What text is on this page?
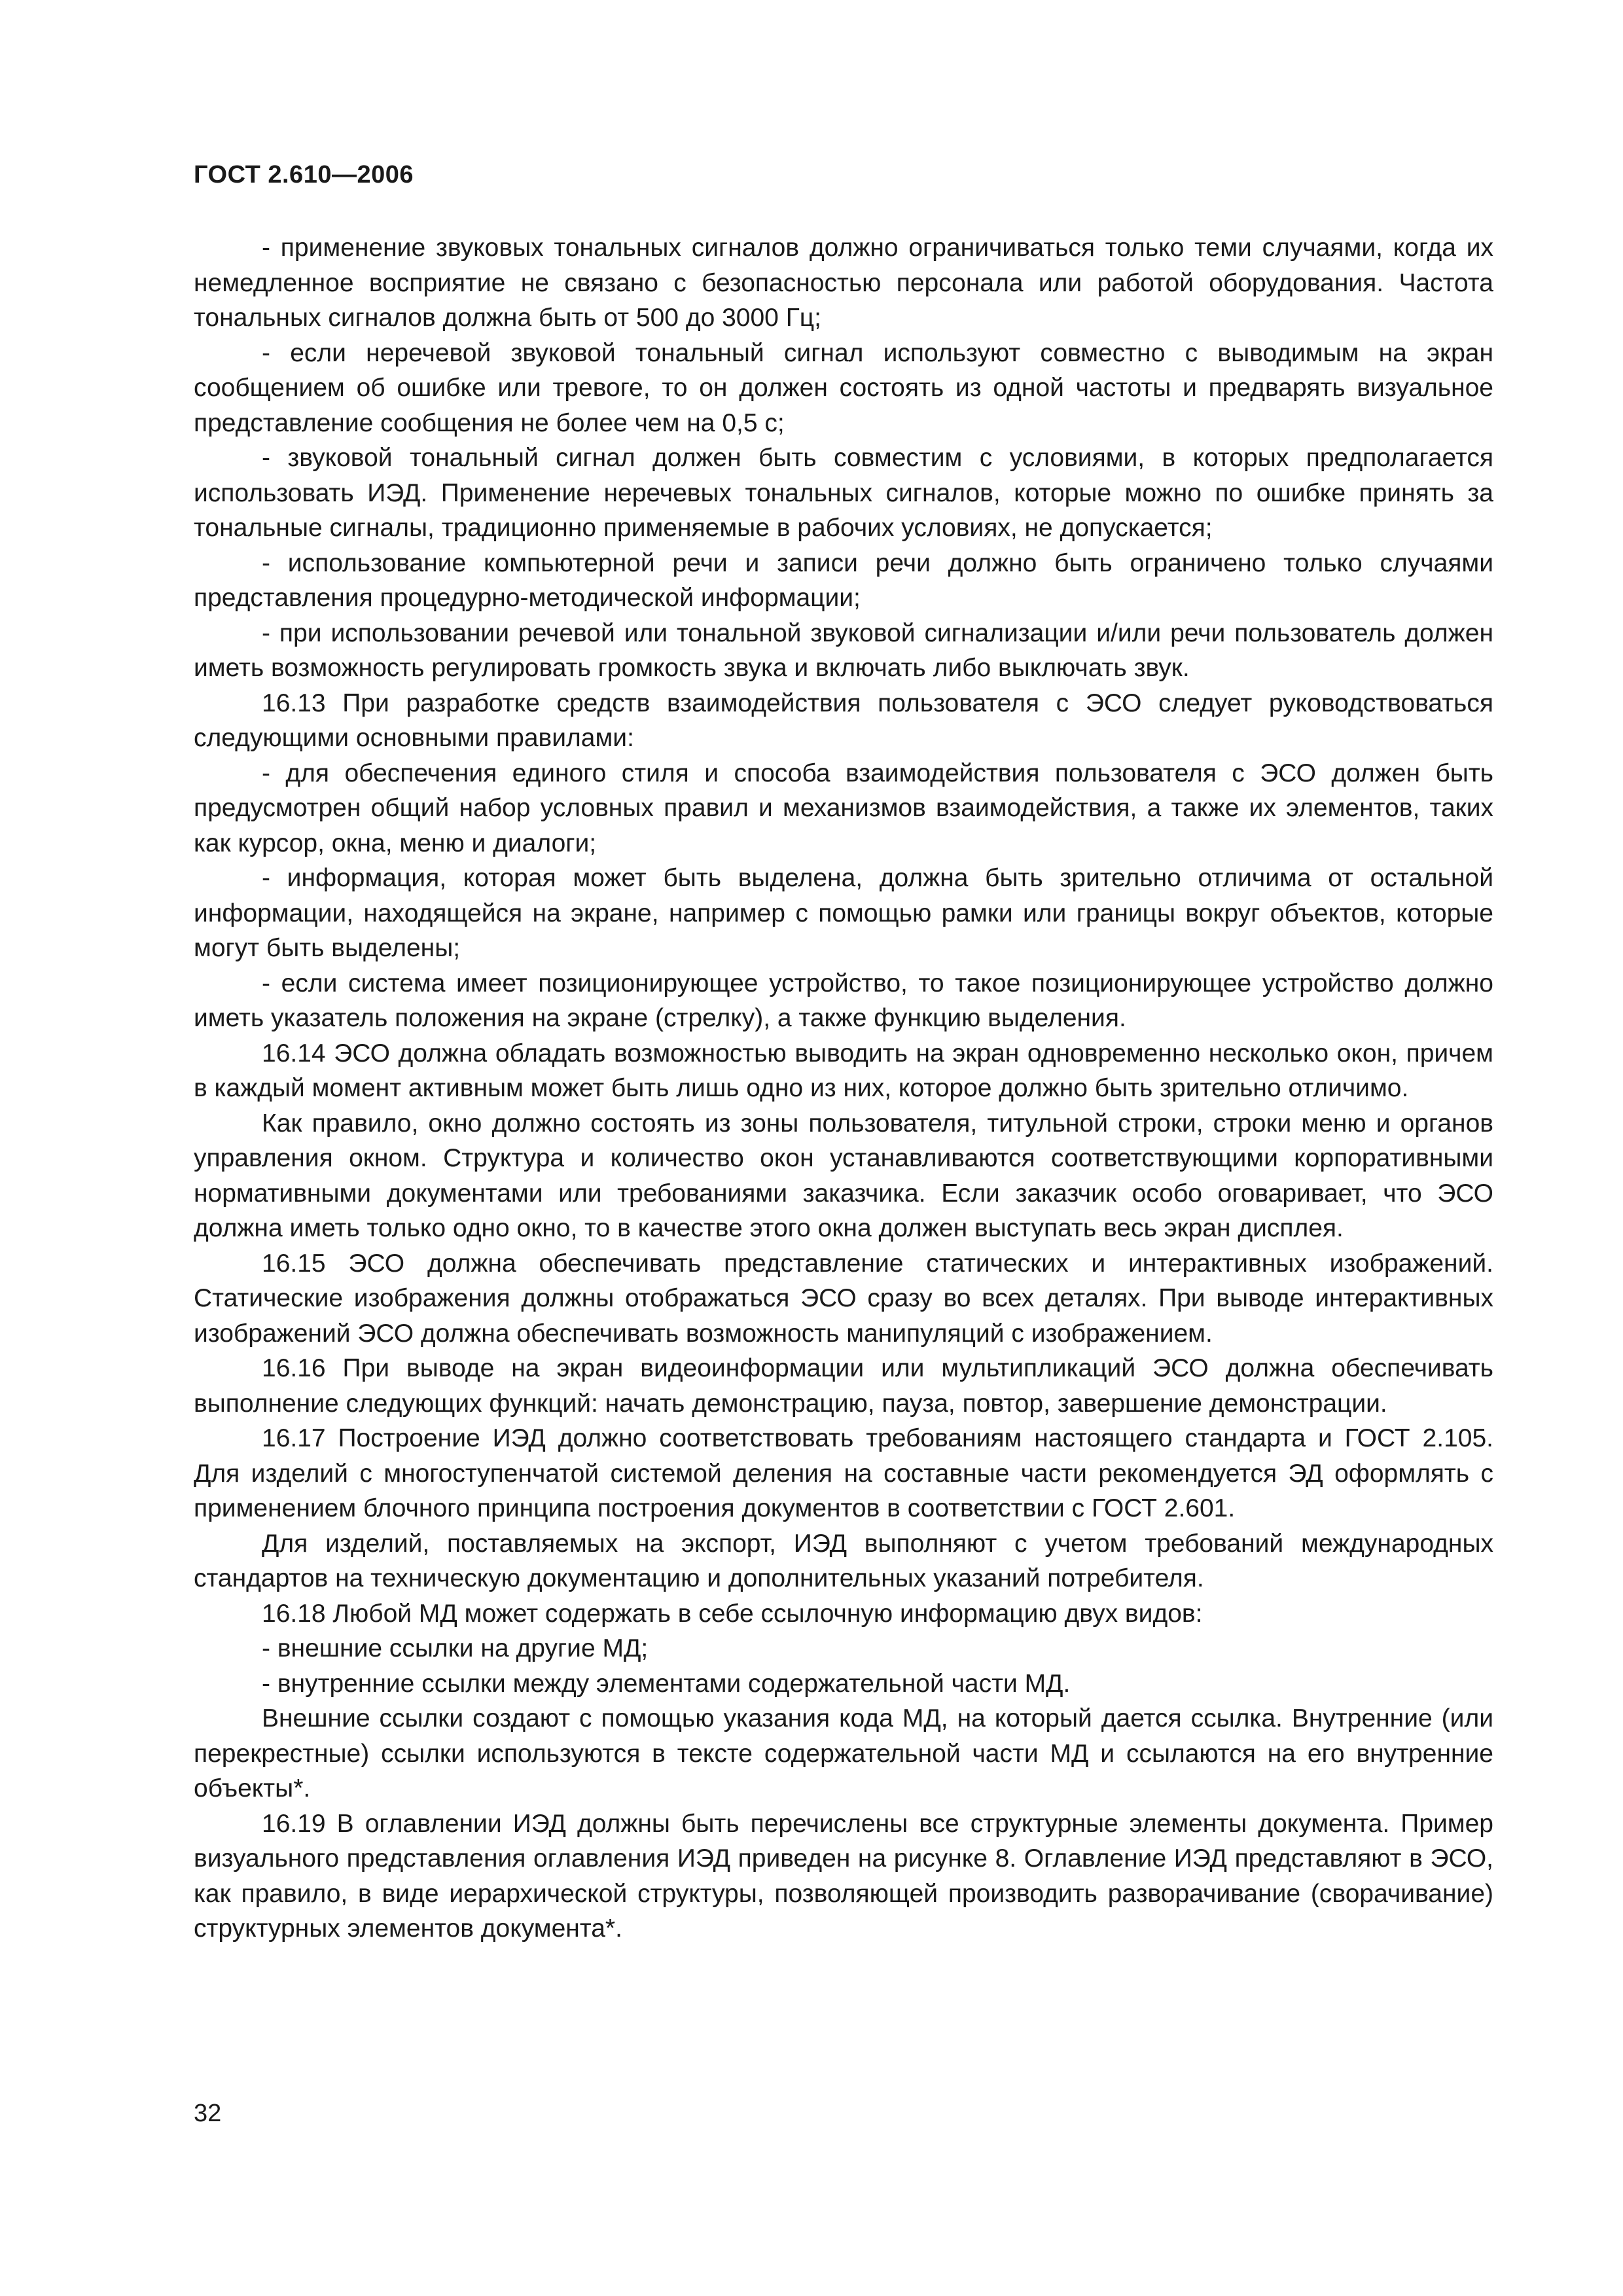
ГОСТ 2.610—2006

- применение звуковых тональных сигналов должно ограничиваться только теми случаями, когда их немедленное восприятие не связано с безопасностью персонала или работой оборудования. Частота тональных сигналов должна быть от 500 до 3000 Гц;

- если неречевой звуковой тональный сигнал используют совместно с выводимым на экран сообщением об ошибке или тревоге, то он должен состоять из одной частоты и предварять визуальное представление сообщения не более чем на 0,5 с;

- звуковой тональный сигнал должен быть совместим с условиями, в которых предполагается использовать ИЭД. Применение неречевых тональных сигналов, которые можно по ошибке принять за тональные сигналы, традиционно применяемые в рабочих условиях, не допускается;

- использование компьютерной речи и записи речи должно быть ограничено только случаями представления процедурно-методической информации;

- при использовании речевой или тональной звуковой сигнализации и/или речи пользователь должен иметь возможность регулировать громкость звука и включать либо выключать звук.

16.13 При разработке средств взаимодействия пользователя с ЭСО следует руководствоваться следующими основными правилами:

- для обеспечения единого стиля и способа взаимодействия пользователя с ЭСО должен быть предусмотрен общий набор условных правил и механизмов взаимодействия, а также их элементов, таких как курсор, окна, меню и диалоги;

- информация, которая может быть выделена, должна быть зрительно отличима от остальной информации, находящейся на экране, например с помощью рамки или границы вокруг объектов, которые могут быть выделены;

- если система имеет позиционирующее устройство, то такое позиционирующее устройство должно иметь указатель положения на экране (стрелку), а также функцию выделения.

16.14 ЭСО должна обладать возможностью выводить на экран одновременно несколько окон, причем в каждый момент активным может быть лишь одно из них, которое должно быть зрительно отличимо.

Как правило, окно должно состоять из зоны пользователя, титульной строки, строки меню и органов управления окном. Структура и количество окон устанавливаются соответствующими корпоративными нормативными документами или требованиями заказчика. Если заказчик особо оговаривает, что ЭСО должна иметь только одно окно, то в качестве этого окна должен выступать весь экран дисплея.

16.15 ЭСО должна обеспечивать представление статических и интерактивных изображений. Статические изображения должны отображаться ЭСО сразу во всех деталях. При выводе интерактивных изображений ЭСО должна обеспечивать возможность манипуляций с изображением.

16.16 При выводе на экран видеоинформации или мультипликаций ЭСО должна обеспечивать выполнение следующих функций: начать демонстрацию, пауза, повтор, завершение демонстрации.

16.17 Построение ИЭД должно соответствовать требованиям настоящего стандарта и ГОСТ 2.105. Для изделий с многоступенчатой системой деления на составные части рекомендуется ЭД оформлять с применением блочного принципа построения документов в соответствии с ГОСТ 2.601.

Для изделий, поставляемых на экспорт, ИЭД выполняют с учетом требований международных стандартов на техническую документацию и дополнительных указаний потребителя.

16.18 Любой МД может содержать в себе ссылочную информацию двух видов:

- внешние ссылки на другие МД;

- внутренние ссылки между элементами содержательной части МД.

Внешние ссылки создают с помощью указания кода МД, на который дается ссылка. Внутренние (или перекрестные) ссылки используются в тексте содержательной части МД и ссылаются на его внутренние объекты*.

16.19 В оглавлении ИЭД должны быть перечислены все структурные элементы документа. Пример визуального представления оглавления ИЭД приведен на рисунке 8. Оглавление ИЭД представляют в ЭСО, как правило, в виде иерархической структуры, позволяющей производить разворачивание (сворачивание) структурных элементов документа*.

32
